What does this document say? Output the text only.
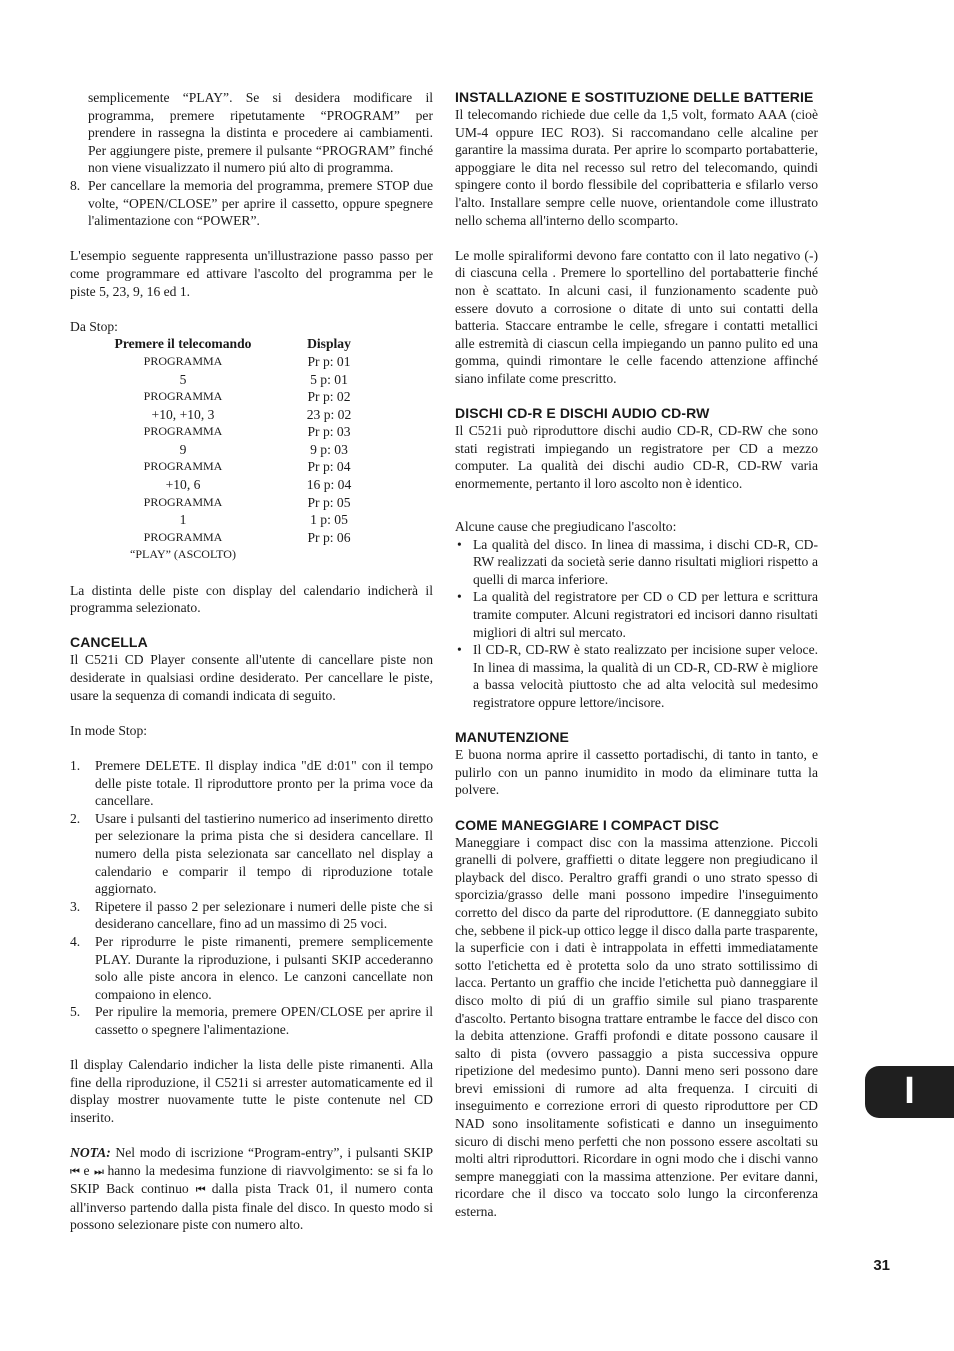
semplicemente “PLAY”. Se si desidera modificare il programma, premere ripetutamente “PROGRAM” per prendere in rassegna la distinta e procedere ai cambiamenti. Per aggiungere piste, premere il pulsante “PROGRAM” finché non viene visualizzato il numero piú alto di programma.

8. Per cancellare la memoria del programma, premere STOP due volte, “OPEN/CLOSE” per aprire il cassetto, oppure spegnere l'alimentazione con “POWER”.

L'esempio seguente rappresenta un'illustrazione passo passo per come programmare ed attivare l'ascolto del programma per le piste 5, 23, 9, 16 ed 1.

Da Stop:

Premere il telecomando	Display
PROGRAMMA	Pr p: 01
5	5 p: 01
PROGRAMMA	Pr p: 02
+10, +10, 3	23 p: 02
PROGRAMMA	Pr p: 03
9	9 p: 03
PROGRAMMA	Pr p: 04
+10, 6	16 p: 04
PROGRAMMA	Pr p: 05
1	1 p: 05
PROGRAMMA	Pr p: 06
“PLAY” (ASCOLTO)	

La distinta delle piste con display del calendario indicherà il programma selezionato.

CANCELLA

Il C521i CD Player consente all'utente di cancellare piste non desiderate in qualsiasi ordine desiderato. Per cancellare le piste, usare la sequenza di comandi indicata di seguito.

In mode Stop:

1. Premere DELETE. Il display indica "dE d:01" con il tempo delle piste totale. Il riproduttore pronto per la prima voce da cancellare.
2. Usare i pulsanti del tastierino numerico ad inserimento diretto per selezionare la prima pista che si desidera cancellare. Il numero della pista selezionata sar cancellato nel display a calendario e comparir il tempo di riproduzione totale aggiornato.
3. Ripetere il passo 2 per selezionare i numeri delle piste che si desiderano cancellare, fino ad un massimo di 25 voci.
4. Per riprodurre le piste rimanenti, premere semplicemente PLAY. Durante la riproduzione, i pulsanti SKIP accederanno solo alle piste ancora in elenco. Le canzoni cancellate non compaiono in elenco.
5. Per ripulire la memoria, premere OPEN/CLOSE per aprire il cassetto o spegnere l'alimentazione.

Il display Calendario indicher la lista delle piste rimanenti. Alla fine della riproduzione, il C521i si arrester automaticamente ed il display mostrer nuovamente tutte le piste contenute nel CD inserito.

NOTA: Nel modo di iscrizione “Program-entry”, i pulsanti SKIP ⏮ e ⏭ hanno la medesima funzione di riavvolgimento: se si fa lo SKIP Back continuo ⏮ dalla pista Track 01, il numero conta all'inverso partendo dalla pista finale del disco. In questo modo si possono selezionare piste con numero alto.

INSTALLAZIONE E SOSTITUZIONE DELLE BATTERIE

Il telecomando richiede due celle da 1,5 volt, formato AAA (cioè UM-4 oppure IEC RO3). Si raccomandano celle alcaline per garantire la massima durata. Per aprire lo scomparto portabatterie, appoggiare le dita nel recesso sul retro del telecomando, quindi spingere conto il bordo flessibile del copribatteria e sfilarlo verso l'alto. Installare sempre celle nuove, orientandole come illustrato nello schema all'interno dello scomparto.

Le molle spiraliformi devono fare contatto con il lato negativo (-) di ciascuna cella . Premere lo sportellino del portabatterie finché non è scattato. In alcuni casi, il funzionamento scadente può essere dovuto a corrosione o ditate di unto sui contatti della batteria. Staccare entrambe le celle, sfregare i contatti metallici alle estremità di ciascun cella impiegando un panno pulito ed una gomma, quindi rimontare le celle facendo attenzione affinché siano infilate come prescritto.

DISCHI CD-R E DISCHI AUDIO CD-RW

Il C521i può riproduttore dischi audio CD-R, CD-RW che sono stati registrati impiegando un registratore per CD a mezzo computer. La qualità dei dischi audio CD-R, CD-RW varia enormemente, pertanto il loro ascolto non è identico.

Alcune cause che pregiudicano l'ascolto:

• La qualità del disco. In linea di massima, i dischi CD-R, CD-RW realizzati da società serie danno risultati migliori rispetto a quelli di marca inferiore.
• La qualità del registratore per CD o CD per lettura e scrittura tramite computer. Alcuni registratori ed incisori danno risultati migliori di altri sul mercato.
• Il CD-R, CD-RW è stato realizzato per incisione super veloce. In linea di massima, la qualità di un CD-R, CD-RW è migliore a bassa velocità piuttosto che ad alta velocità sul medesimo registratore oppure lettore/incisore.
MANUTENZIONE

E buona norma aprire il cassetto portadischi, di tanto in tanto, e pulirlo con un panno inumidito in modo da eliminare tutta la polvere.

COME MANEGGIARE I COMPACT DISC

Maneggiare i compact disc con la massima attenzione. Piccoli granelli di polvere, graffietti o ditate leggere non pregiudicano il playback del disco. Peraltro graffi grandi o uno strato spesso di sporcizia/grasso delle mani possono impedire l'inseguimento corretto del disco da parte del riproduttore. (E danneggiato subito che, sebbene il pick-up ottico legge il disco dalla parte trasparente, la superficie con i dati è intrappolata in effetti immediatamente sotto l'etichetta ed è protetta solo da uno strato sottilissimo di lacca. Pertanto un graffio che incide l'etichetta può danneggiare il disco molto di piú di un graffio simile sul piano trasparente d'ascolto. Pertanto bisogna trattare entrambe le facce del disco con la debita attenzione. Graffi profondi e ditate possono causare il salto di pista (ovvero passaggio a pista successiva oppure ripetizione del medesimo punto). Danni meno seri possono dare brevi emissioni di rumore ad alta frequenza. I circuiti di inseguimento e correzione errori di questo riproduttore per CD NAD sono insolitamente sofisticati e danno un inseguimento sicuro di dischi meno perfetti che non possono essere ascoltati su molti altri riproduttori. Ricordare in ogni modo che i dischi vanno sempre maneggiati con la massima attenzione. Per evitare danni, ricordare che il disco va toccato solo lungo la circonferenza esterna.

I
31
